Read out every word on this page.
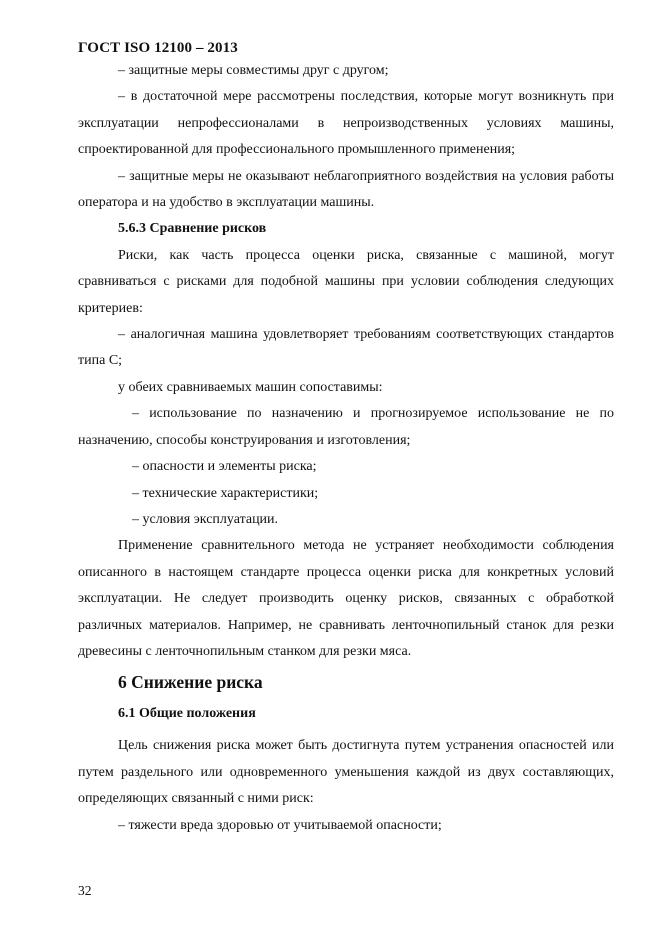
ГОСТ ISO 12100 – 2013

– защитные меры совместимы друг с другом;

– в достаточной мере рассмотрены последствия, которые могут возникнуть при эксплуатации непрофессионалами в непроизводственных условиях машины, спроектированной для профессионального промышленного применения;

– защитные меры не оказывают неблагоприятного воздействия на условия работы оператора и на удобство в эксплуатации машины.

5.6.3 Сравнение рисков

Риски, как часть процесса оценки риска, связанные с машиной, могут сравниваться с рисками для подобной машины при условии соблюдения следующих критериев:

– аналогичная машина удовлетворяет требованиям соответствующих стандартов типа С;

у обеих сравниваемых машин сопоставимы:

– использование по назначению и прогнозируемое использование не по назначению, способы конструирования и изготовления;

– опасности и элементы риска;

– технические характеристики;

– условия эксплуатации.

Применение сравнительного метода не устраняет необходимости соблюдения описанного в настоящем стандарте процесса оценки риска для конкретных условий эксплуатации. Не следует производить оценку рисков, связанных с обработкой различных материалов. Например, не сравнивать ленточнопильный станок для резки древесины с ленточнопильным станком для резки мяса.

6 Снижение риска
6.1 Общие положения

Цель снижения риска может быть достигнута путем устранения опасностей или путем раздельного или одновременного уменьшения каждой из двух составляющих, определяющих связанный с ними риск:

– тяжести вреда здоровью от учитываемой опасности;

32
